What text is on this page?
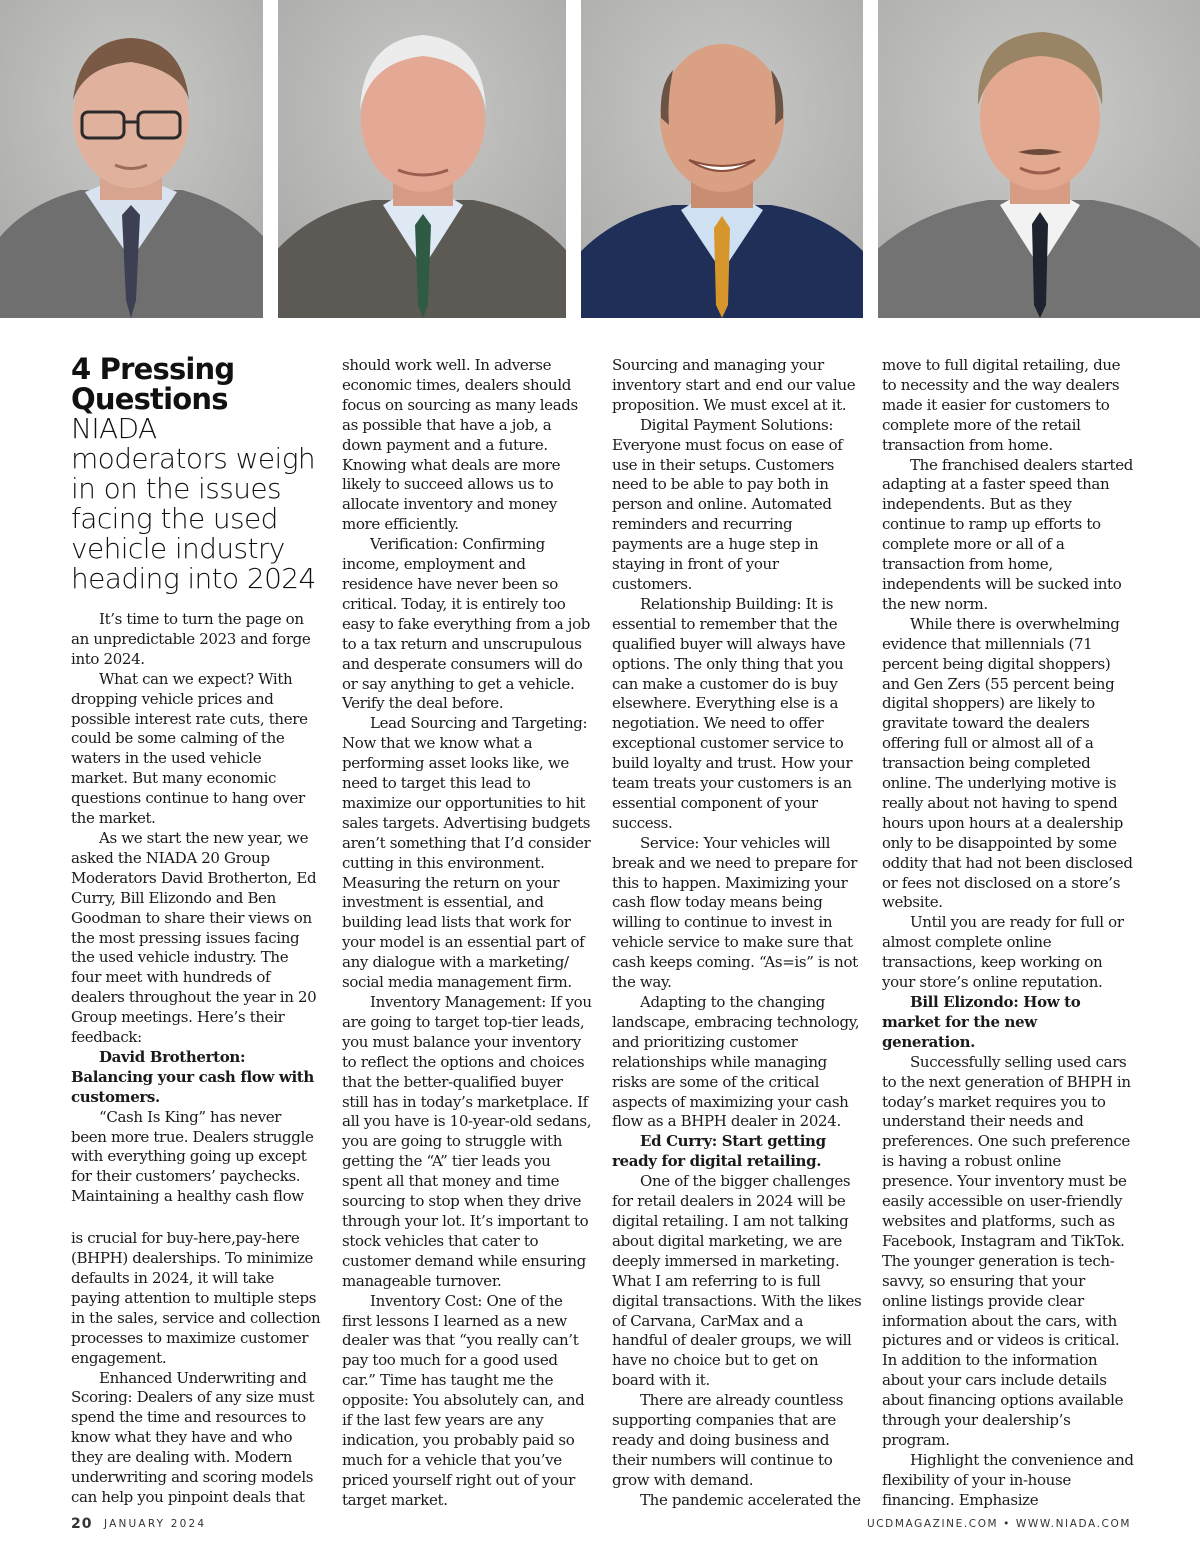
4 Pressing
Questions
NIADA moderators weigh in on the issues facing the used vehicle industry heading into 2024

It’s time to turn the page on an unpredictable 2023 and forge into 2024.

What can we expect? With dropping vehicle prices and possible interest rate cuts, there could be some calming of the waters in the used vehicle market. But many economic questions continue to hang over the market.

As we start the new year, we asked the NIADA 20 Group Moderators David Brotherton, Ed Curry, Bill Elizondo and Ben Goodman to share their views on the most pressing issues facing the used vehicle industry. The four meet with hundreds of dealers throughout the year in 20 Group meetings. Here’s their feedback:

David Brotherton: Balancing your cash flow with customers.

“Cash Is King” has never been more true. Dealers struggle with everything going up except for their customers’ paychecks. Maintaining a healthy cash flow

is crucial for buy-here,pay-here (BHPH) dealerships. To minimize defaults in 2024, it will take paying attention to multiple steps in the sales, service and collection processes to maximize customer engagement.

Enhanced Underwriting and Scoring: Dealers of any size must spend the time and resources to know what they have and who they are dealing with. Modern underwriting and scoring models can help you pinpoint deals that

should work well. In adverse economic times, dealers should focus on sourcing as many leads as possible that have a job, a down payment and a future. Knowing what deals are more likely to succeed allows us to allocate inventory and money more efficiently.

Verification: Confirming income, employment and residence have never been so critical. Today, it is entirely too easy to fake everything from a job to a tax return and unscrupulous and desperate consumers will do or say anything to get a vehicle. Verify the deal before.

Lead Sourcing and Targeting: Now that we know what a performing asset looks like, we need to target this lead to maximize our opportunities to hit sales targets. Advertising budgets aren’t something that I’d consider cutting in this environment. Measuring the return on your investment is essential, and building lead lists that work for your model is an essential part of any dialogue with a marketing/ social media management firm.

Inventory Management: If you are going to target top-tier leads, you must balance your inventory to reflect the options and choices that the better-qualified buyer still has in today’s marketplace. If all you have is 10-year-old sedans, you are going to struggle with getting the “A” tier leads you spent all that money and time sourcing to stop when they drive through your lot. It’s important to stock vehicles that cater to customer demand while ensuring manageable turnover.

Inventory Cost: One of the first lessons I learned as a new dealer was that “you really can’t pay too much for a good used car.” Time has taught me the opposite: You absolutely can, and if the last few years are any indication, you probably paid so much for a vehicle that you’ve priced yourself right out of your target market.

Sourcing and managing your inventory start and end our value proposition. We must excel at it.

Digital Payment Solutions: Everyone must focus on ease of use in their setups. Customers need to be able to pay both in person and online. Automated reminders and recurring payments are a huge step in staying in front of your customers.

Relationship Building: It is essential to remember that the qualified buyer will always have options. The only thing that you can make a customer do is buy elsewhere. Everything else is a negotiation. We need to offer exceptional customer service to build loyalty and trust. How your team treats your customers is an essential component of your success.

Service: Your vehicles will break and we need to prepare for this to happen. Maximizing your cash flow today means being willing to continue to invest in vehicle service to make sure that cash keeps coming. “As=is” is not the way.

Adapting to the changing landscape, embracing technology, and prioritizing customer relationships while managing risks are some of the critical aspects of maximizing your cash flow as a BHPH dealer in 2024.

Ed Curry: Start getting ready for digital retailing.

One of the bigger challenges for retail dealers in 2024 will be digital retailing. I am not talking about digital marketing, we are deeply immersed in marketing. What I am referring to is full digital transactions. With the likes of Carvana, CarMax and a handful of dealer groups, we will have no choice but to get on board with it.

There are already countless supporting companies that are ready and doing business and their numbers will continue to grow with demand.

The pandemic accelerated the

move to full digital retailing, due to necessity and the way dealers made it easier for customers to complete more of the retail transaction from home.

The franchised dealers started adapting at a faster speed than independents. But as they continue to ramp up efforts to complete more or all of a transaction from home, independents will be sucked into the new norm.

While there is overwhelming evidence that millennials (71 percent being digital shoppers) and Gen Zers (55 percent being digital shoppers) are likely to gravitate toward the dealers offering full or almost all of a transaction being completed online. The underlying motive is really about not having to spend hours upon hours at a dealership only to be disappointed by some oddity that had not been disclosed or fees not disclosed on a store’s website.

Until you are ready for full or almost complete online transactions, keep working on your store’s online reputation.

Bill Elizondo: How to market for the new generation.

Successfully selling used cars to the next generation of BHPH in today’s market requires you to understand their needs and preferences. One such preference is having a robust online presence. Your inventory must be easily accessible on user-friendly websites and platforms, such as Facebook, Instagram and TikTok. The younger generation is tech-savvy, so ensuring that your online listings provide clear information about the cars, with pictures and or videos is critical. In addition to the information about your cars include details about financing options available through your dealership’s program.

Highlight the convenience and flexibility of your in-house financing. Emphasize

20 JANUARY 2024	UCDMAGAZINE.COM • WWW.NIADA.COM
